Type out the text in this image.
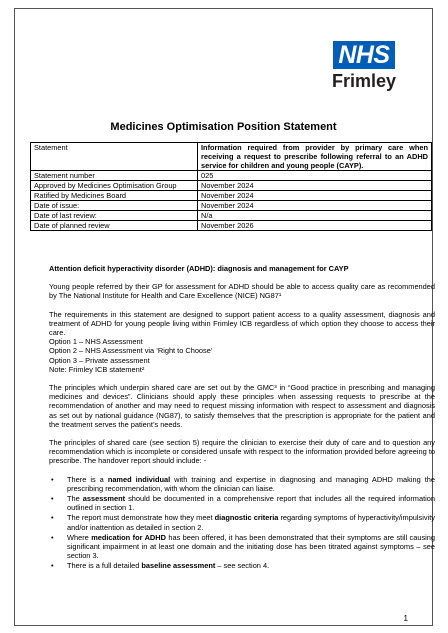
NHS
Frimley
Medicines Optimisation Position Statement
Statement	Information required from provider by primary care when receiving a request to prescribe following referral to an ADHD service for children and young people (CAYP).
Statement number	025
Approved by Medicines Optimisation Group	November 2024
Ratified by Medicines Board	November 2024
Date of issue:	November 2024
Date of last review:	N/a
Date of planned review	November 2026

Attention deficit hyperactivity disorder (ADHD): diagnosis and management for CAYP

Young people referred by their GP for assessment for ADHD should be able to access quality care as recommended by The National Institute for Health and Care Excellence (NICE) NG87¹

The requirements in this statement are designed to support patient access to a quality assessment, diagnosis and treatment of ADHD for young people living within Frimley ICB regardless of which option they choose to access their care.

Option 1 – NHS Assessment
Option 2 – NHS Assessment via ‘Right to Choose’
Option 3 – Private assessment
Note: Frimley ICB statement²

The principles which underpin shared care are set out by the GMC³ in “Good practice in prescribing and managing medicines and devices”. Clinicians should apply these principles when assessing requests to prescribe at the recommendation of another and may need to request missing information with respect to assessment and diagnosis as set out by national guidance (NG87), to satisfy themselves that the prescription is appropriate for the patient and the treatment serves the patient’s needs.

The principles of shared care (see section 5) require the clinician to exercise their duty of care and to question any recommendation which is incomplete or considered unsafe with respect to the information provided before agreeing to prescribe. The handover report should include: -

• There is a named individual with training and expertise in diagnosing and managing ADHD making the prescribing recommendation, with whom the clinician can liaise.
• The assessment should be documented in a comprehensive report that includes all the required information outlined in section 1.
• The report must demonstrate how they meet diagnostic criteria regarding symptoms of hyperactivity/impulsivity and/or inattention as detailed in section 2.
• Where medication for ADHD has been offered, it has been demonstrated that their symptoms are still causing significant impairment in at least one domain and the initiating dose has been titrated against symptoms – see section 3.
• There is a full detailed baseline assessment – see section 4.
1
